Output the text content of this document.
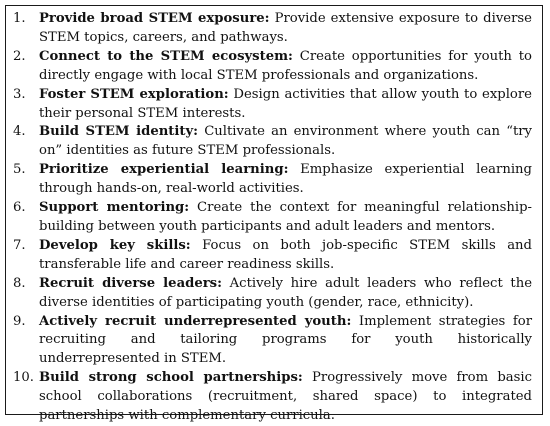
1. Provide broad STEM exposure: Provide extensive exposure to diverse STEM topics, careers, and pathways.
2. Connect to the STEM ecosystem: Create opportunities for youth to directly engage with local STEM professionals and organizations.
3. Foster STEM exploration: Design activities that allow youth to explore their personal STEM interests.
4. Build STEM identity: Cultivate an environment where youth can “try on” identities as future STEM professionals.
5. Prioritize experiential learning: Emphasize experiential learning through hands-on, real-world activities.
6. Support mentoring: Create the context for meaningful relationship-building between youth participants and adult leaders and mentors.
7. Develop key skills: Focus on both job-specific STEM skills and transferable life and career readiness skills.
8. Recruit diverse leaders: Actively hire adult leaders who reflect the diverse identities of participating youth (gender, race, ethnicity).
9. Actively recruit underrepresented youth: Implement strategies for recruiting and tailoring programs for youth historically underrepresented in STEM.
10. Build strong school partnerships: Progressively move from basic school collaborations (recruitment, shared space) to integrated partnerships with complementary curricula.
